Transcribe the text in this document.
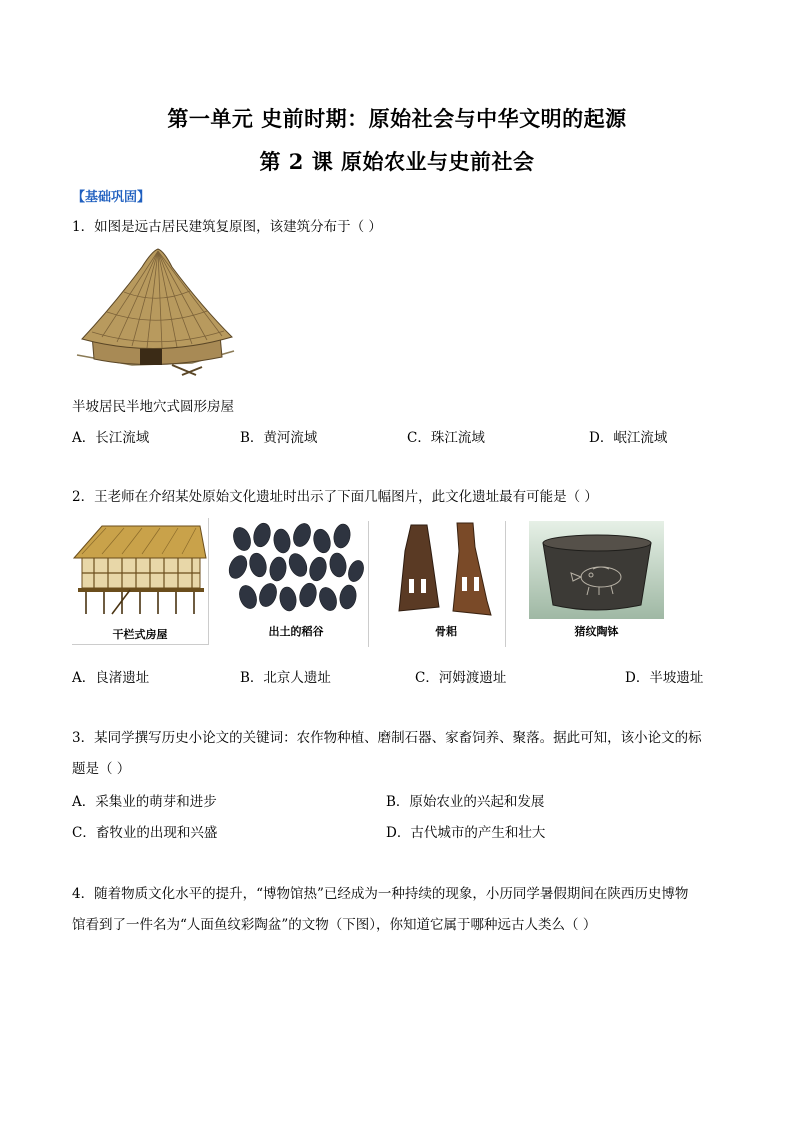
第一单元 史前时期：原始社会与中华文明的起源
第 2 课 原始农业与史前社会
【基础巩固】
1．如图是远古居民建筑复原图，该建筑分布于（ ）
半坡居民半地穴式圆形房屋
A．长江流域	B．黄河流域	C．珠江流域	D．岷江流域
2．王老师在介绍某处原始文化遗址时出示了下面几幅图片，此文化遗址最有可能是（ ）
干栏式房屋	出土的稻谷	骨耜	猪纹陶钵
A．良渚遗址	B．北京人遗址	C．河姆渡遗址	D．半坡遗址
3．某同学撰写历史小论文的关键词：农作物种植、磨制石器、家畜饲养、聚落。据此可知，该小论文的标
题是（ ）
A．采集业的萌芽和进步	B．原始农业的兴起和发展
C．畜牧业的出现和兴盛	D．古代城市的产生和壮大
4．随着物质文化水平的提升，“博物馆热”已经成为一种持续的现象，小历同学暑假期间在陕西历史博物
馆看到了一件名为“人面鱼纹彩陶盆”的文物（下图），你知道它属于哪种远古人类么（ ）
